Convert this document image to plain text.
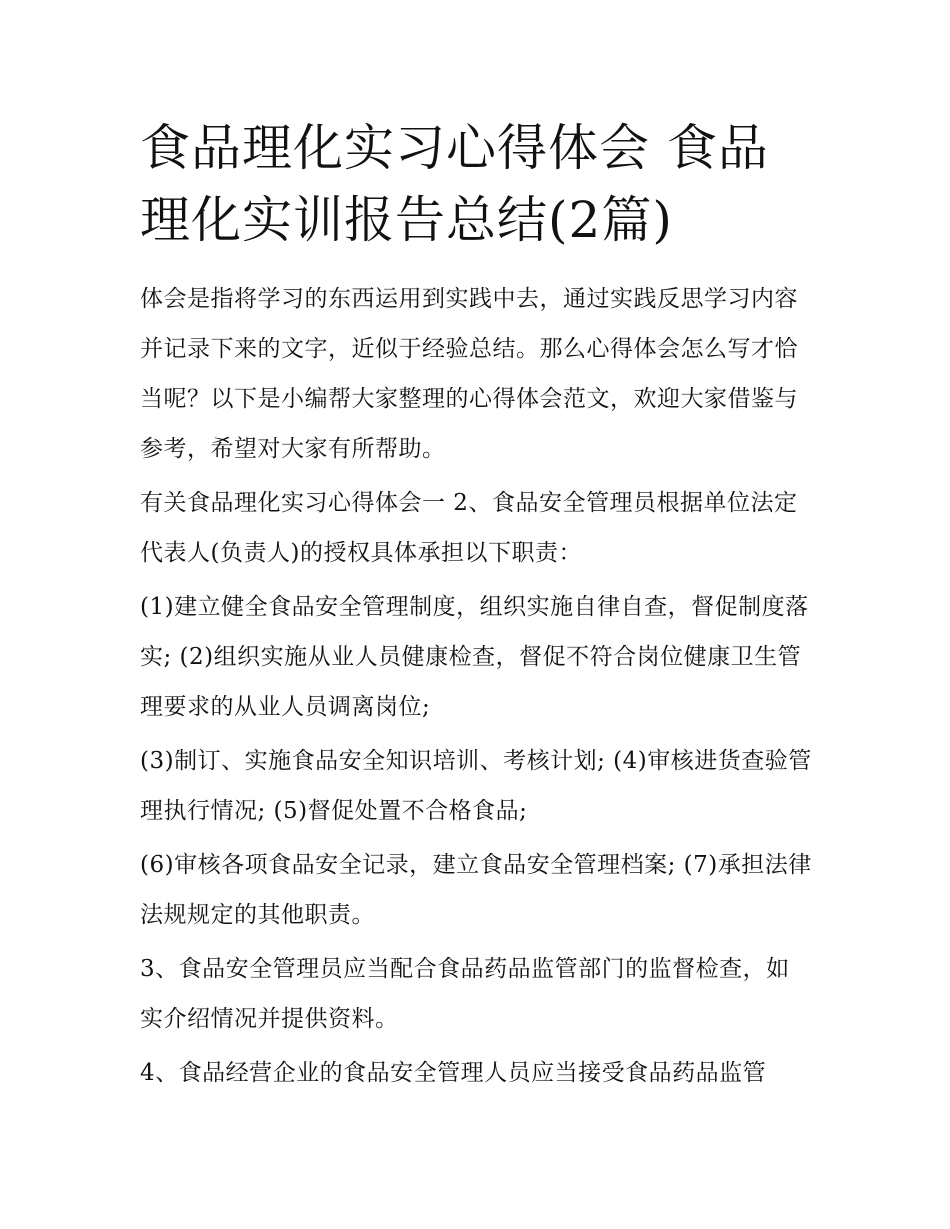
食品理化实习心得体会 食品理化实训报告总结(2篇)

体会是指将学习的东西运用到实践中去，通过实践反思学习内容并记录下来的文字，近似于经验总结。那么心得体会怎么写才恰当呢？以下是小编帮大家整理的心得体会范文，欢迎大家借鉴与参考，希望对大家有所帮助。

有关食品理化实习心得体会一 2、食品安全管理员根据单位法定代表人(负责人)的授权具体承担以下职责：

(1)建立健全食品安全管理制度，组织实施自律自查，督促制度落实; (2)组织实施从业人员健康检查，督促不符合岗位健康卫生管理要求的从业人员调离岗位;

(3)制订、实施食品安全知识培训、考核计划; (4)审核进货查验管理执行情况; (5)督促处置不合格食品;

(6)审核各项食品安全记录，建立食品安全管理档案; (7)承担法律法规规定的其他职责。

3、食品安全管理员应当配合食品药品监管部门的监督检查，如实介绍情况并提供资料。

4、食品经营企业的食品安全管理人员应当接受食品药品监管
